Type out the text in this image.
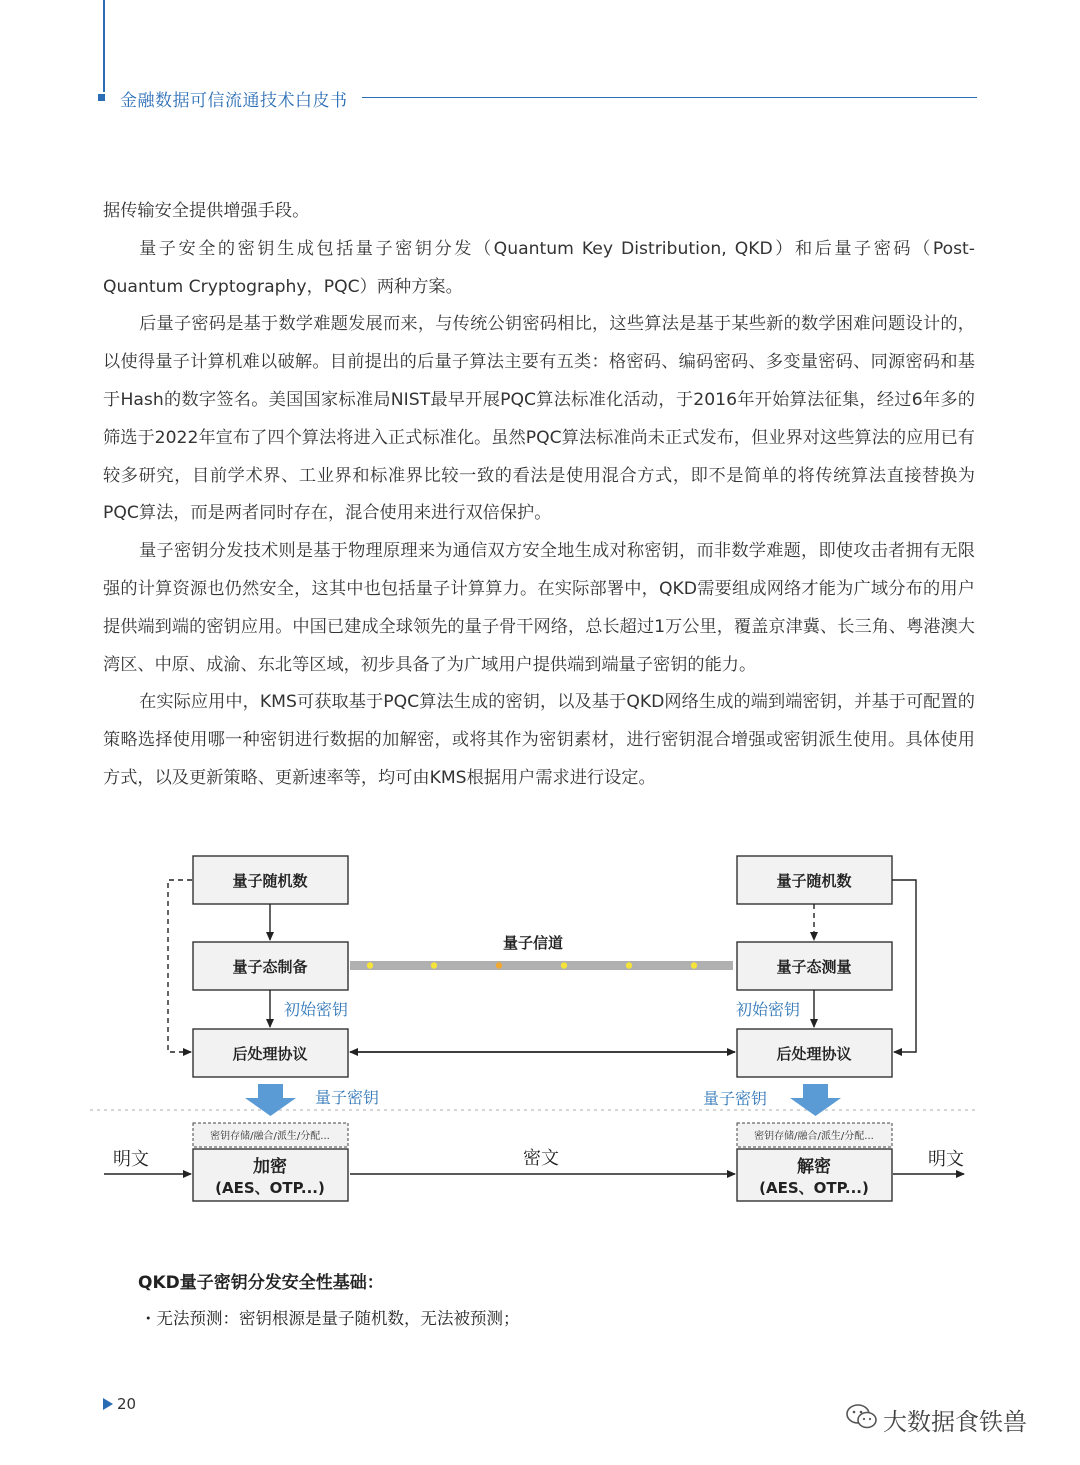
金融数据可信流通技术白皮书

据传输安全提供增强手段。

量子安全的密钥生成包括量子密钥分发（Quantum Key Distribution, QKD）和后量子密码（Post-Quantum Cryptography，PQC）两种方案。

后量子密码是基于数学难题发展而来，与传统公钥密码相比，这些算法是基于某些新的数学困难问题设计的，以使得量子计算机难以破解。目前提出的后量子算法主要有五类：格密码、编码密码、多变量密码、同源密码和基于Hash的数字签名。美国国家标准局NIST最早开展PQC算法标准化活动，于2016年开始算法征集，经过6年多的筛选于2022年宣布了四个算法将进入正式标准化。虽然PQC算法标准尚未正式发布，但业界对这些算法的应用已有较多研究，目前学术界、工业界和标准界比较一致的看法是使用混合方式，即不是简单的将传统算法直接替换为PQC算法，而是两者同时存在，混合使用来进行双倍保护。

量子密钥分发技术则是基于物理原理来为通信双方安全地生成对称密钥，而非数学难题，即使攻击者拥有无限强的计算资源也仍然安全，这其中也包括量子计算算力。在实际部署中，QKD需要组成网络才能为广域分布的用户提供端到端的密钥应用。中国已建成全球领先的量子骨干网络，总长超过1万公里，覆盖京津冀、长三角、粤港澳大湾区、中原、成渝、东北等区域，初步具备了为广域用户提供端到端量子密钥的能力。

在实际应用中，KMS可获取基于PQC算法生成的密钥，以及基于QKD网络生成的端到端密钥，并基于可配置的策略选择使用哪一种密钥进行数据的加解密，或将其作为密钥素材，进行密钥混合增强或密钥派生使用。具体使用方式，以及更新策略、更新速率等，均可由KMS根据用户需求进行设定。

量子随机数
量子态制备
后处理协议
量子随机数
量子态测量
后处理协议
量子信道
初始密钥	初始密钥
量子密钥	量子密钥
密钥存储/融合/派生/分配...	密钥存储/融合/派生/分配...
加密
(AES、OTP...)
解密
(AES、OTP...)
明文	密文	明文
QKD量子密钥分发安全性基础：
・无法预测：密钥根源是量子随机数，无法被预测；
20
大数据食铁兽
